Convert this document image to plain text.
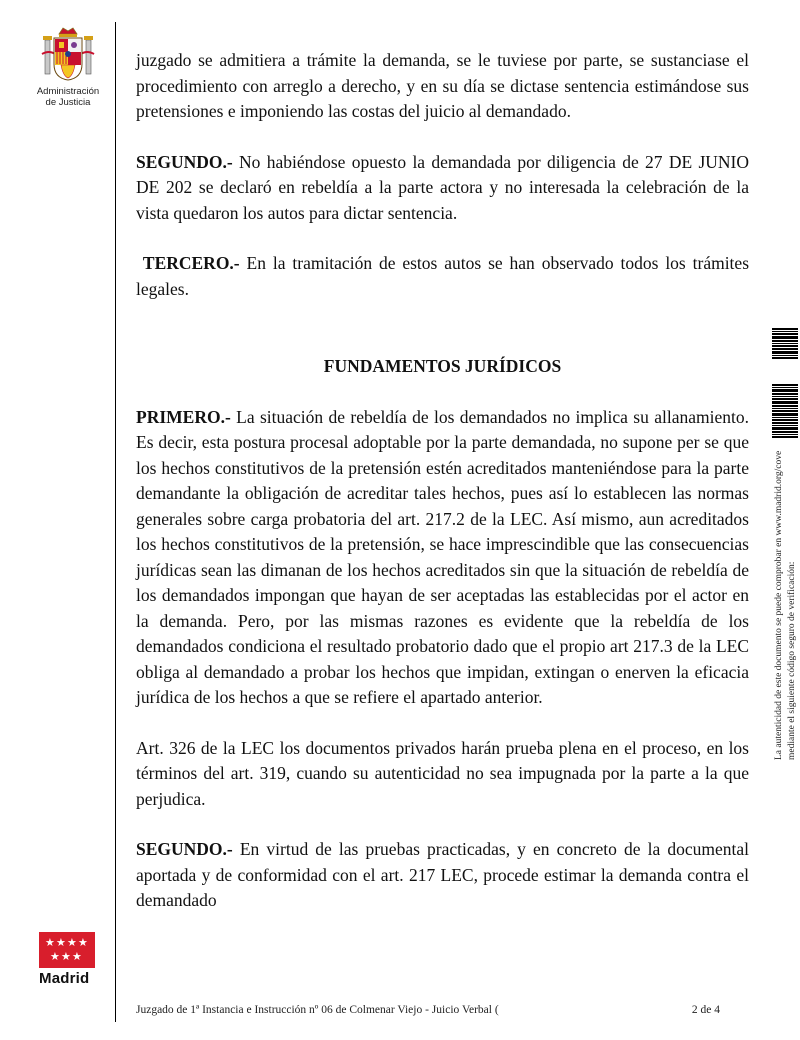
Administración
de Justicia

juzgado se admitiera a trámite la demanda, se le tuviese por parte, se sustanciase el procedimiento con arreglo a derecho, y en su día se dictase sentencia estimándose sus pretensiones e imponiendo las costas del juicio al demandado.

SEGUNDO.- No habiéndose opuesto la demandada por diligencia de 27 DE JUNIO DE 202 se declaró en rebeldía a la parte actora y no interesada la celebración de la vista quedaron los autos para dictar sentencia.

TERCERO.- En la tramitación de estos autos se han observado todos los trámites legales.

FUNDAMENTOS JURÍDICOS

PRIMERO.- La situación de rebeldía de los demandados no implica su allanamiento. Es decir, esta postura procesal adoptable por la parte demandada, no supone per se que los hechos constitutivos de la pretensión estén acreditados manteniéndose para la parte demandante la obligación de acreditar tales hechos, pues así lo establecen las normas generales sobre carga probatoria del art. 217.2 de la LEC. Así mismo, aun acreditados los hechos constitutivos de la pretensión, se hace imprescindible que las consecuencias jurídicas sean las dimanan de los hechos acreditados sin que la situación de rebeldía de los demandados impongan que hayan de ser aceptadas las establecidas por el actor en la demanda. Pero, por las mismas razones es evidente que la rebeldía de los demandados condiciona el resultado probatorio dado que el propio art 217.3 de la LEC obliga al demandado a probar los hechos que impidan, extingan o enerven la eficacia jurídica de los hechos a que se refiere el apartado anterior.

Art. 326 de la LEC los documentos privados harán prueba plena en el proceso, en los términos del art. 319, cuando su autenticidad no sea impugnada por la parte a la que perjudica.

SEGUNDO.- En virtud de las pruebas practicadas, y en concreto de la documental aportada y de conformidad con el art. 217 LEC, procede estimar la demanda contra el demandado

La autenticidad de este documento se puede comprobar en www.madrid.org/cove mediante el siguiente código seguro de verificación:
★ ★ ★ ★
★ ★ ★
Madrid
Juzgado de 1ª Instancia e Instrucción nº 06 de Colmenar Viejo - Juicio Verbal (	2 de 4
